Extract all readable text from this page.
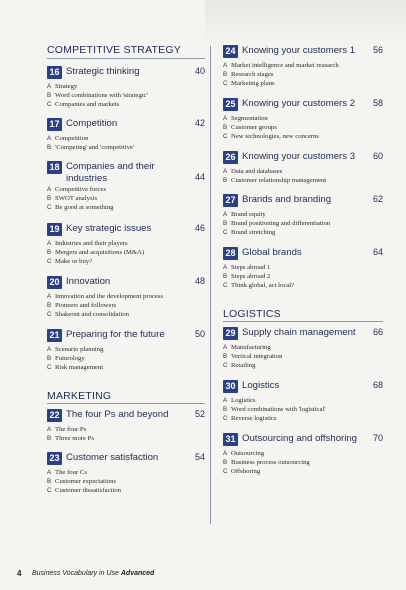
COMPETITIVE STRATEGY
16 Strategic thinking	40
A Strategy
B Word combinations with 'strategic'
C Companies and markets
17 Competition	42
A Competition
B 'Competing' and 'competitive'
18 Companies and their industries	44
A Competitive forces
B SWOT analysis
C Be good at something
19 Key strategic issues	46
A Industries and their players
B Mergers and acquisitions (M&A)
C Make or buy?
20 Innovation	48
A Innovation and the development process
B Pioneers and followers
C Shakeout and consolidation
21 Preparing for the future	50
A Scenario planning
B Futurology
C Risk management
MARKETING
22 The four Ps and beyond	52
A The four Ps
B Three more Ps
23 Customer satisfaction	54
A The four Cs
B Customer expectations
C Customer dissatisfaction
24 Knowing your customers 1	56
A Market intelligence and market research
B Research stages
C Marketing plans
25 Knowing your customers 2	58
A Segmentation
B Customer groups
C New technologies, new concerns
26 Knowing your customers 3	60
A Data and databases
B Customer relationship management
27 Brands and branding	62
A Brand equity
B Brand positioning and differentiation
C Brand stretching
28 Global brands	64
A Steps abroad 1
B Steps abroad 2
C Think global, act local?
LOGISTICS
29 Supply chain management	66
A Manufacturing
B Vertical integration
C Retailing
30 Logistics	68
A Logistics
B Word combinations with 'logistical'
C Reverse logistics
31 Outsourcing and offshoring	70
A Outsourcing
B Business process outsourcing
C Offshoring
4 Business Vocabulary in Use Advanced
